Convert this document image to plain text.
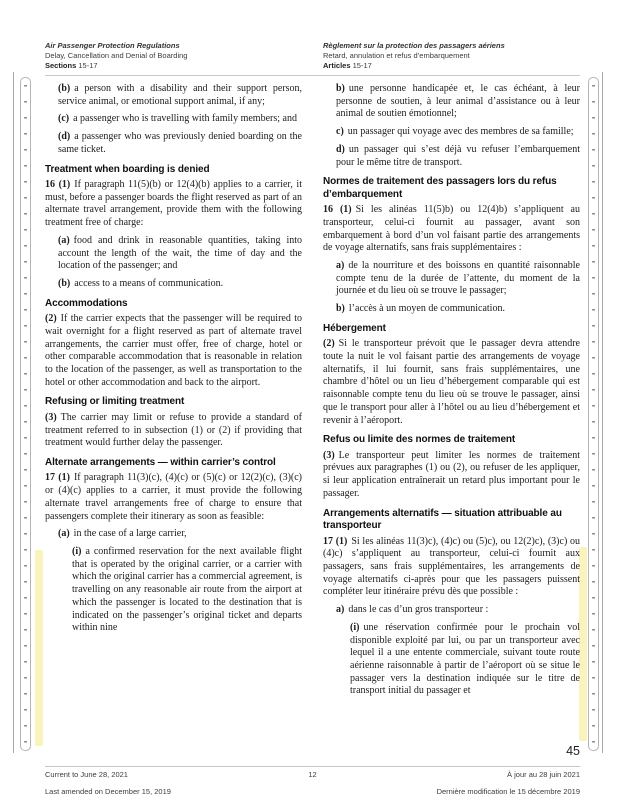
Air Passenger Protection Regulations
Delay, Cancellation and Denial of Boarding
Sections 15-17
Règlement sur la protection des passagers aériens
Retard, annulation et refus d’embarquement
Articles 15-17

(b) a person with a disability and their support person, service animal, or emotional support animal, if any;

(c) a passenger who is travelling with family members; and

(d) a passenger who was previously denied boarding on the same ticket.

Treatment when boarding is denied

16 (1) If paragraph 11(5)(b) or 12(4)(b) applies to a carrier, it must, before a passenger boards the flight reserved as part of an alternate travel arrangement, provide them with the following treatment free of charge:

(a) food and drink in reasonable quantities, taking into account the length of the wait, the time of day and the location of the passenger; and

(b) access to a means of communication.

Accommodations

(2) If the carrier expects that the passenger will be required to wait overnight for a flight reserved as part of alternate travel arrangements, the carrier must offer, free of charge, hotel or other comparable accommodation that is reasonable in relation to the location of the passenger, as well as transportation to the hotel or other accommodation and back to the airport.

Refusing or limiting treatment

(3) The carrier may limit or refuse to provide a standard of treatment referred to in subsection (1) or (2) if providing that treatment would further delay the passenger.

Alternate arrangements — within carrier’s control

17 (1) If paragraph 11(3)(c), (4)(c) or (5)(c) or 12(2)(c), (3)(c) or (4)(c) applies to a carrier, it must provide the following alternate travel arrangements free of charge to ensure that passengers complete their itinerary as soon as feasible:

(a) in the case of a large carrier,

(i) a confirmed reservation for the next available flight that is operated by the original carrier, or a carrier with which the original carrier has a commercial agreement, is travelling on any reasonable air route from the airport at which the passenger is located to the destination that is indicated on the passenger’s original ticket and departs within nine

b) une personne handicapée et, le cas échéant, à leur personne de soutien, à leur animal d’assistance ou à leur animal de soutien émotionnel;

c) un passager qui voyage avec des membres de sa famille;

d) un passager qui s’est déjà vu refuser l’embarquement pour le même titre de transport.

Normes de traitement des passagers lors du refus d’embarquement

16 (1) Si les alinéas 11(5)b) ou 12(4)b) s’appliquent au transporteur, celui-ci fournit au passager, avant son embarquement à bord d’un vol faisant partie des arrangements de voyage alternatifs, sans frais supplémentaires :

a) de la nourriture et des boissons en quantité raisonnable compte tenu de la durée de l’attente, du moment de la journée et du lieu où se trouve le passager;

b) l’accès à un moyen de communication.

Hébergement

(2) Si le transporteur prévoit que le passager devra attendre toute la nuit le vol faisant partie des arrangements de voyage alternatifs, il lui fournit, sans frais supplémentaires, une chambre d’hôtel ou un lieu d’hébergement comparable qui est raisonnable compte tenu du lieu où se trouve le passager, ainsi que le transport pour aller à l’hôtel ou au lieu d’hébergement et revenir à l’aéroport.

Refus ou limite des normes de traitement

(3) Le transporteur peut limiter les normes de traitement prévues aux paragraphes (1) ou (2), ou refuser de les appliquer, si leur application entraînerait un retard plus important pour le passager.

Arrangements alternatifs — situation attribuable au transporteur

17 (1) Si les alinéas 11(3)c), (4)c) ou (5)c), ou 12(2)c), (3)c) ou (4)c) s’appliquent au transporteur, celui-ci fournit aux passagers, sans frais supplémentaires, les arrangements de voyage alternatifs ci-après pour que les passagers puissent compléter leur itinéraire prévu dès que possible :

a) dans le cas d’un gros transporteur :

(i) une réservation confirmée pour le prochain vol disponible exploité par lui, ou par un transporteur avec lequel il a une entente commerciale, suivant toute route aérienne raisonnable à partir de l’aéroport où se situe le passager vers la destination indiquée sur le titre de transport initial du passager et

45
Current to June 28, 2021	12	À jour au 28 juin 2021
Last amended on December 15, 2019	Dernière modification le 15 décembre 2019
